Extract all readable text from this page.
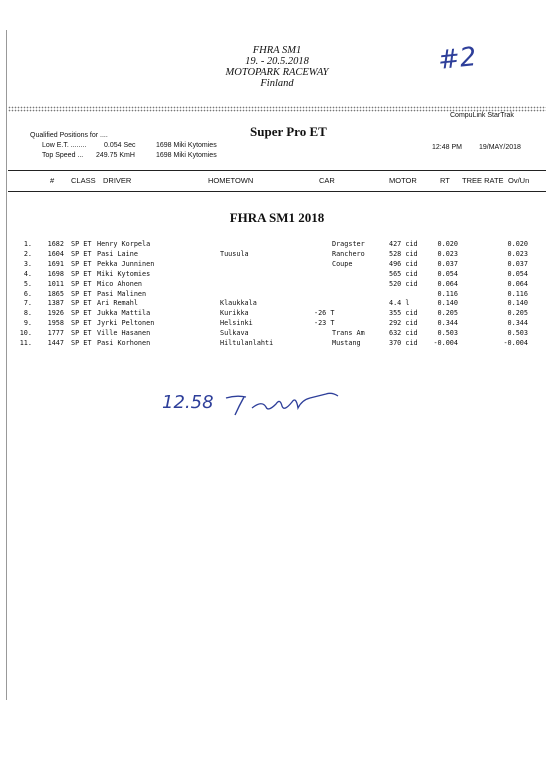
FHRA SM1
19. - 20.5.2018
MOTOPARK RACEWAY
Finland
#2
CompuLink StarTrak
Qualified Positions for ....
Low E.T. ........	0.054 Sec	1698 Miki Kytomies
Top Speed ... 249.75 KmH	1698 Miki Kytomies
Super Pro ET
12:48 PM 19/MAY/2018
# CLASS DRIVER	HOMETOWN	CAR	MOTOR	RT TREE RATE Ov/Un
FHRA SM1 2018
1.	1682 SP ET Henry Korpela	Dragster	427 cid	0.020	0.020
2.	1604 SP ET Pasi Laine	Tuusula	Ranchero	528 cid	0.023	0.023
3.	1691 SP ET Pekka Junninen	Coupe	496 cid	0.037	0.037
4.	1698 SP ET Miki Kytomies	565 cid	0.054	0.054
5.	1011 SP ET Mico Ahonen	520 cid	0.064	0.064
6.	1865 SP ET Pasi Malinen	0.116	0.116
7.	1387 SP ET Ari Remahl	Klaukkala	4.4 l	0.140	0.140
8.	1926 SP ET Jukka Mattila	Kurikka	-26 T	355 cid	0.205	0.205
9.	1958 SP ET Jyrki Peltonen	Helsinki	-23 T	292 cid	0.344	0.344
10.	1777 SP ET Ville Hasanen	Sulkava	Trans Am	632 cid	0.503	0.503
11.	1447 SP ET Pasi Korhonen	Hiltulanlahti	Mustang	370 cid	-0.004	-0.004
12.58
